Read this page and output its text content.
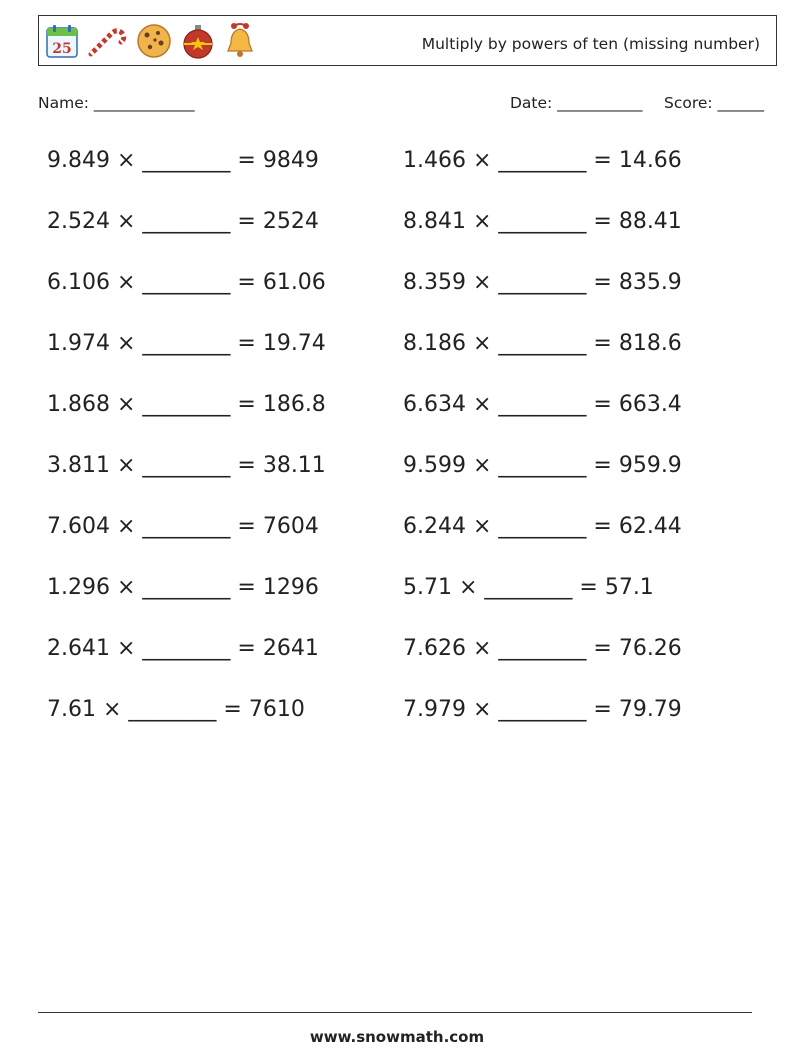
25	Multiply by powers of ten (missing number)
Name: _____________	Date: ___________ Score: ______
9.849 × ________ = 9849
2.524 × ________ = 2524
6.106 × ________ = 61.06
1.974 × ________ = 19.74
1.868 × ________ = 186.8
3.811 × ________ = 38.11
7.604 × ________ = 7604
1.296 × ________ = 1296
2.641 × ________ = 2641
7.61 × ________ = 7610
1.466 × ________ = 14.66
8.841 × ________ = 88.41
8.359 × ________ = 835.9
8.186 × ________ = 818.6
6.634 × ________ = 663.4
9.599 × ________ = 959.9
6.244 × ________ = 62.44
5.71 × ________ = 57.1
7.626 × ________ = 76.26
7.979 × ________ = 79.79
www.snowmath.com
